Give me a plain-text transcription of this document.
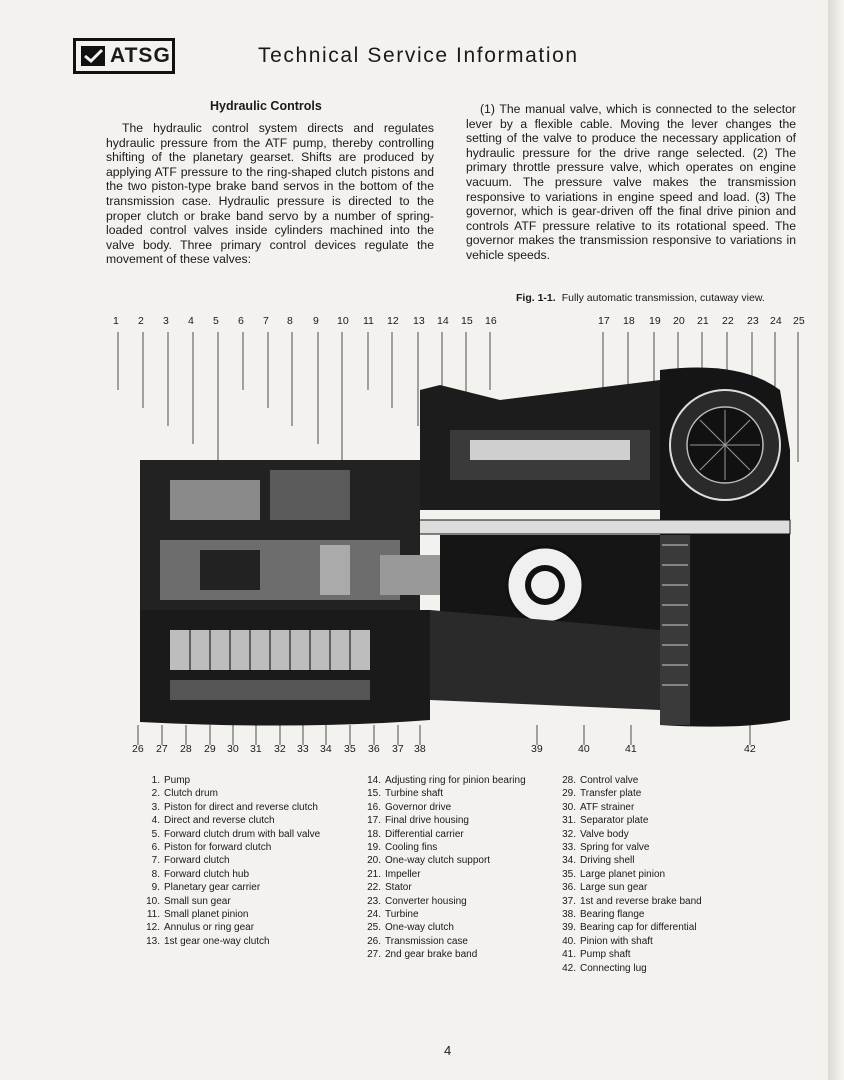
ATSG	Technical Service Information
Hydraulic Controls
The hydraulic control system directs and regulates hydraulic pressure from the ATF pump, thereby controlling shifting of the planetary gearset. Shifts are produced by applying ATF pressure to the ring-shaped clutch pistons and the two piston-type brake band servos in the bottom of the transmission case. Hydraulic pressure is directed to the proper clutch or brake band servo by a number of spring-loaded control valves inside cylinders machined into the valve body. Three primary control devices regulate the movement of these valves:
(1) The manual valve, which is connected to the selector lever by a flexible cable. Moving the lever changes the setting of the valve to produce the necessary application of hydraulic pressure for the drive range selected. (2) The primary throttle pressure valve, which operates on engine vacuum. The pressure valve makes the transmission responsive to variations in engine speed and load. (3) The governor, which is gear-driven off the final drive pinion and controls ATF pressure relative to its rotational speed. The governor makes the transmission responsive to variations in vehicle speeds.
Fig. 1-1. Fully automatic transmission, cutaway view.
1 2 3 4 5 6 7 8 9 10 11 12 13 14 15 16	17 18 19 20 21 22 23 24 25
26 27 28 29 30 31 32 33 34 35 36 37 38	39	40	41	42
1. Pump
2. Clutch drum
3. Piston for direct and reverse clutch
4. Direct and reverse clutch
5. Forward clutch drum with ball valve
6. Piston for forward clutch
7. Forward clutch
8. Forward clutch hub
9. Planetary gear carrier
10. Small sun gear
11. Small planet pinion
12. Annulus or ring gear
13. 1st gear one-way clutch
14. Adjusting ring for pinion bearing
15. Turbine shaft
16. Governor drive
17. Final drive housing
18. Differential carrier
19. Cooling fins
20. One-way clutch support
21. Impeller
22. Stator
23. Converter housing
24. Turbine
25. One-way clutch
26. Transmission case
27. 2nd gear brake band
28. Control valve
29. Transfer plate
30. ATF strainer
31. Separator plate
32. Valve body
33. Spring for valve
34. Driving shell
35. Large planet pinion
36. Large sun gear
37. 1st and reverse brake band
38. Bearing flange
39. Bearing cap for differential
40. Pinion with shaft
41. Pump shaft
42. Connecting lug
4
